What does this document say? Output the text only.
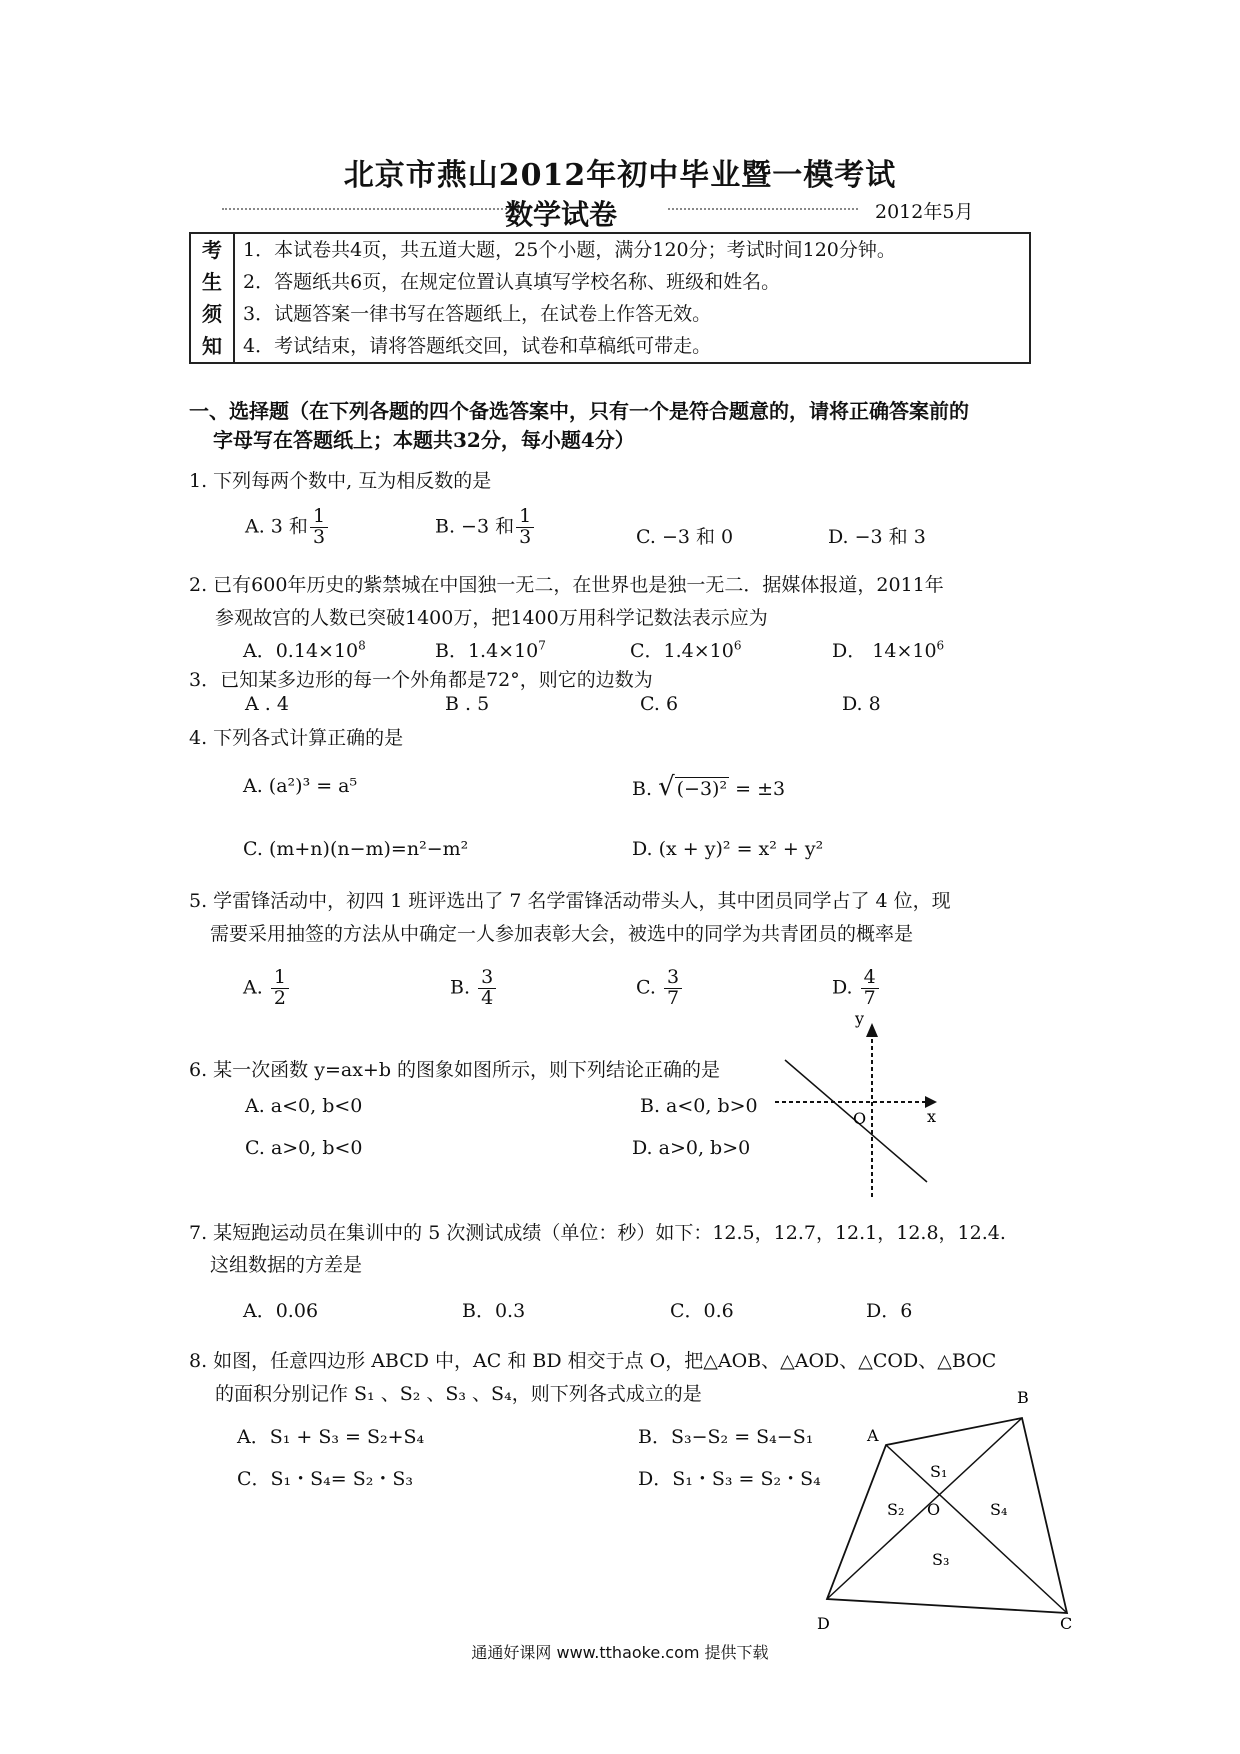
北京市燕山2012年初中毕业暨一模考试
数学试卷	2012年5月
考
生
须
知
1．本试卷共4页，共五道大题，25个小题，满分120分；考试时间120分钟。
2．答题纸共6页，在规定位置认真填写学校名称、班级和姓名。
3．试题答案一律书写在答题纸上，在试卷上作答无效。
4．考试结束，请将答题纸交回，试卷和草稿纸可带走。
一、选择题（在下列各题的四个备选答案中，只有一个是符合题意的，请将正确答案前的
字母写在答题纸上；本题共32分，每小题4分）
1. 下列每两个数中, 互为相反数的是
A. 3 和 $\frac{1}{3}$	B. −3 和 $\frac{1}{3}$	C. −3 和 0	D. −3 和 3
2. 已有600年历史的紫禁城在中国独一无二，在世界也是独一无二．据媒体报道，2011年
参观故宫的人数已突破1400万，把1400万用科学记数法表示应为
A．$0.14\times 10^8$	B．$1.4\times 10^7$	C．$1.4\times 10^6$	D． $14\times 10^6$
3．已知某多边形的每一个外角都是72°，则它的边数为
A . 4	B . 5	C. 6	D. 8
4. 下列各式计算正确的是
A. (a²)³ = a⁵	B. √ (−3)² = ±3
C. (m+n)(n−m)=n²−m²	D. (x + y)² = x² + y²
5. 学雷锋活动中，初四 1 班评选出了 7 名学雷锋活动带头人，其中团员同学占了 4 位，现
需要采用抽签的方法从中确定一人参加表彰大会，被选中的同学为共青团员的概率是
A. $\frac{1}{2}$	B. $\frac{3}{4}$	C. $\frac{3}{7}$	D. $\frac{4}{7}$
6. 某一次函数 y=ax+b 的图象如图所示，则下列结论正确的是
A. a<0, b<0	B. a<0, b>0
C. a>0, b<0	D. a>0, b>0
y
x
O
7. 某短跑运动员在集训中的 5 次测试成绩（单位：秒）如下：12.5，12.7，12.1，12.8，12.4.
这组数据的方差是
A．0.06	B．0.3	C．0.6	D．6
8. 如图，任意四边形 ABCD 中，AC 和 BD 相交于点 O，把△AOB、△AOD、△COD、△BOC
的面积分别记作 S₁ 、S₂ 、S₃ 、S₄，则下列各式成立的是
A．S₁ + S₃ = S₂+S₄	B．S₃−S₂ = S₄−S₁
C．S₁・S₄= S₂・S₃	D．S₁・S₃ = S₂・S₄
A
B
C
D
O
S₁
S₂
S₃
S₄
通通好课网 www.tthaoke.com 提供下载
